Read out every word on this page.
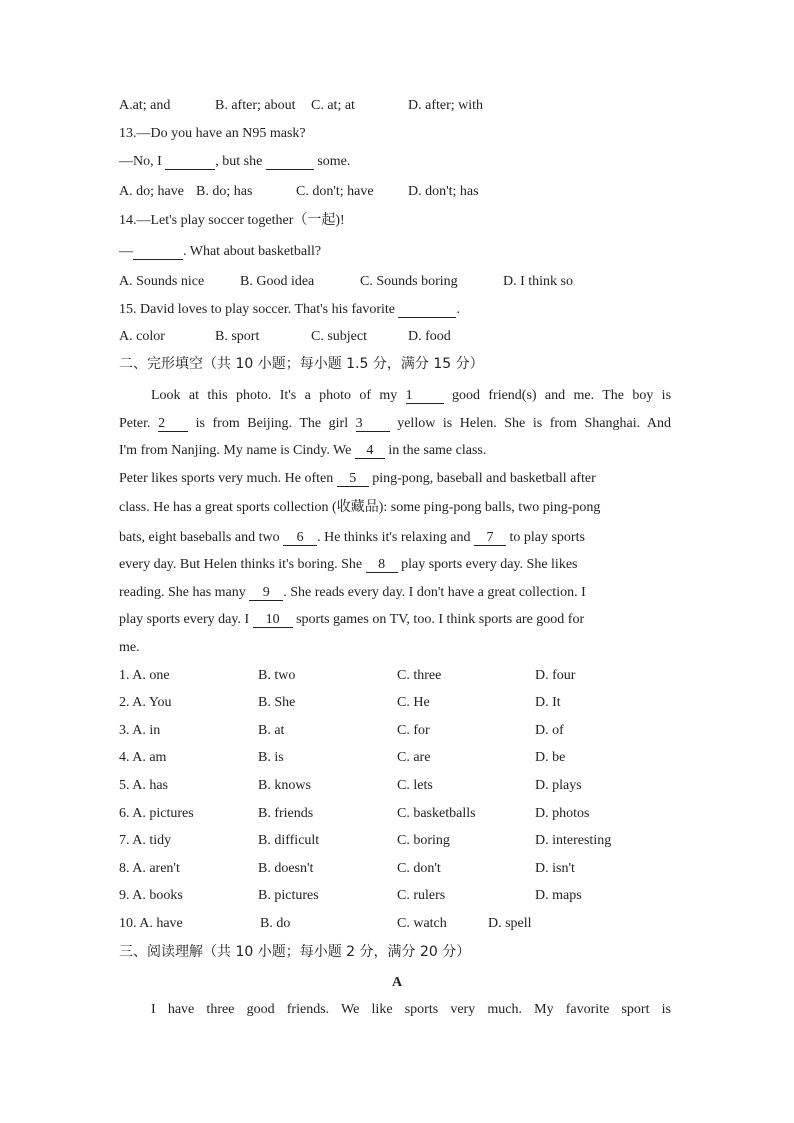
A.at; and	B. after; about C. at; at	D. after; with
13.—Do you have an N95 mask?
—No, I	, but she	some.
A. do; have B. do; has	C. don't; have D. don't; has
14.—Let's play soccer together（一起)!
—	. What about basketball?
A. Sounds nice	B. Good idea	C. Sounds boring	D. I think so
15. David loves to play soccer. That's his favorite	.
A. color	B. sport	C. subject	D. food
二、完形填空（共 10 小题；每小题 1.5 分，满分 15 分）
Look at this photo. It's a photo of my 1	good friend(s) and me. The boy is
Peter. 2 is from Beijing. The girl 3 yellow is Helen. She is from Shanghai. And
I'm from Nanjing. My name is Cindy. We 4 in the same class.
Peter likes sports very much. He often 5 ping-pong, baseball and basketball after
class. He has a great sports collection (收藏品): some ping-pong balls, two ping-pong
bats, eight baseballs and two 6 . He thinks it's relaxing and 7 to play sports
every day. But Helen thinks it's boring. She 8 play sports every day. She likes
reading. She has many 9 . She reads every day. I don't have a great collection. I
play sports every day. I 10 sports games on TV, too. I think sports are good for
me.
1. A. one	B. two	C. three	D. four
2. A. You	B. She	C. He	D. It
3. A. in	B. at	C. for	D. of
4. A. am	B. is	C. are	D. be
5. A. has	B. knows	C. lets	D. plays
6. A. pictures	B. friends	C. basketballs	D. photos
7. A. tidy	B. difficult	C. boring	D. interesting
8. A. aren't	B. doesn't	C. don't	D. isn't
9. A. books	B. pictures	C. rulers	D. maps
10. A. have	B. do	C. watch	D. spell
三、阅读理解（共 10 小题；每小题 2 分，满分 20 分）
A
I have three good friends. We like sports very much. My favorite sport is
